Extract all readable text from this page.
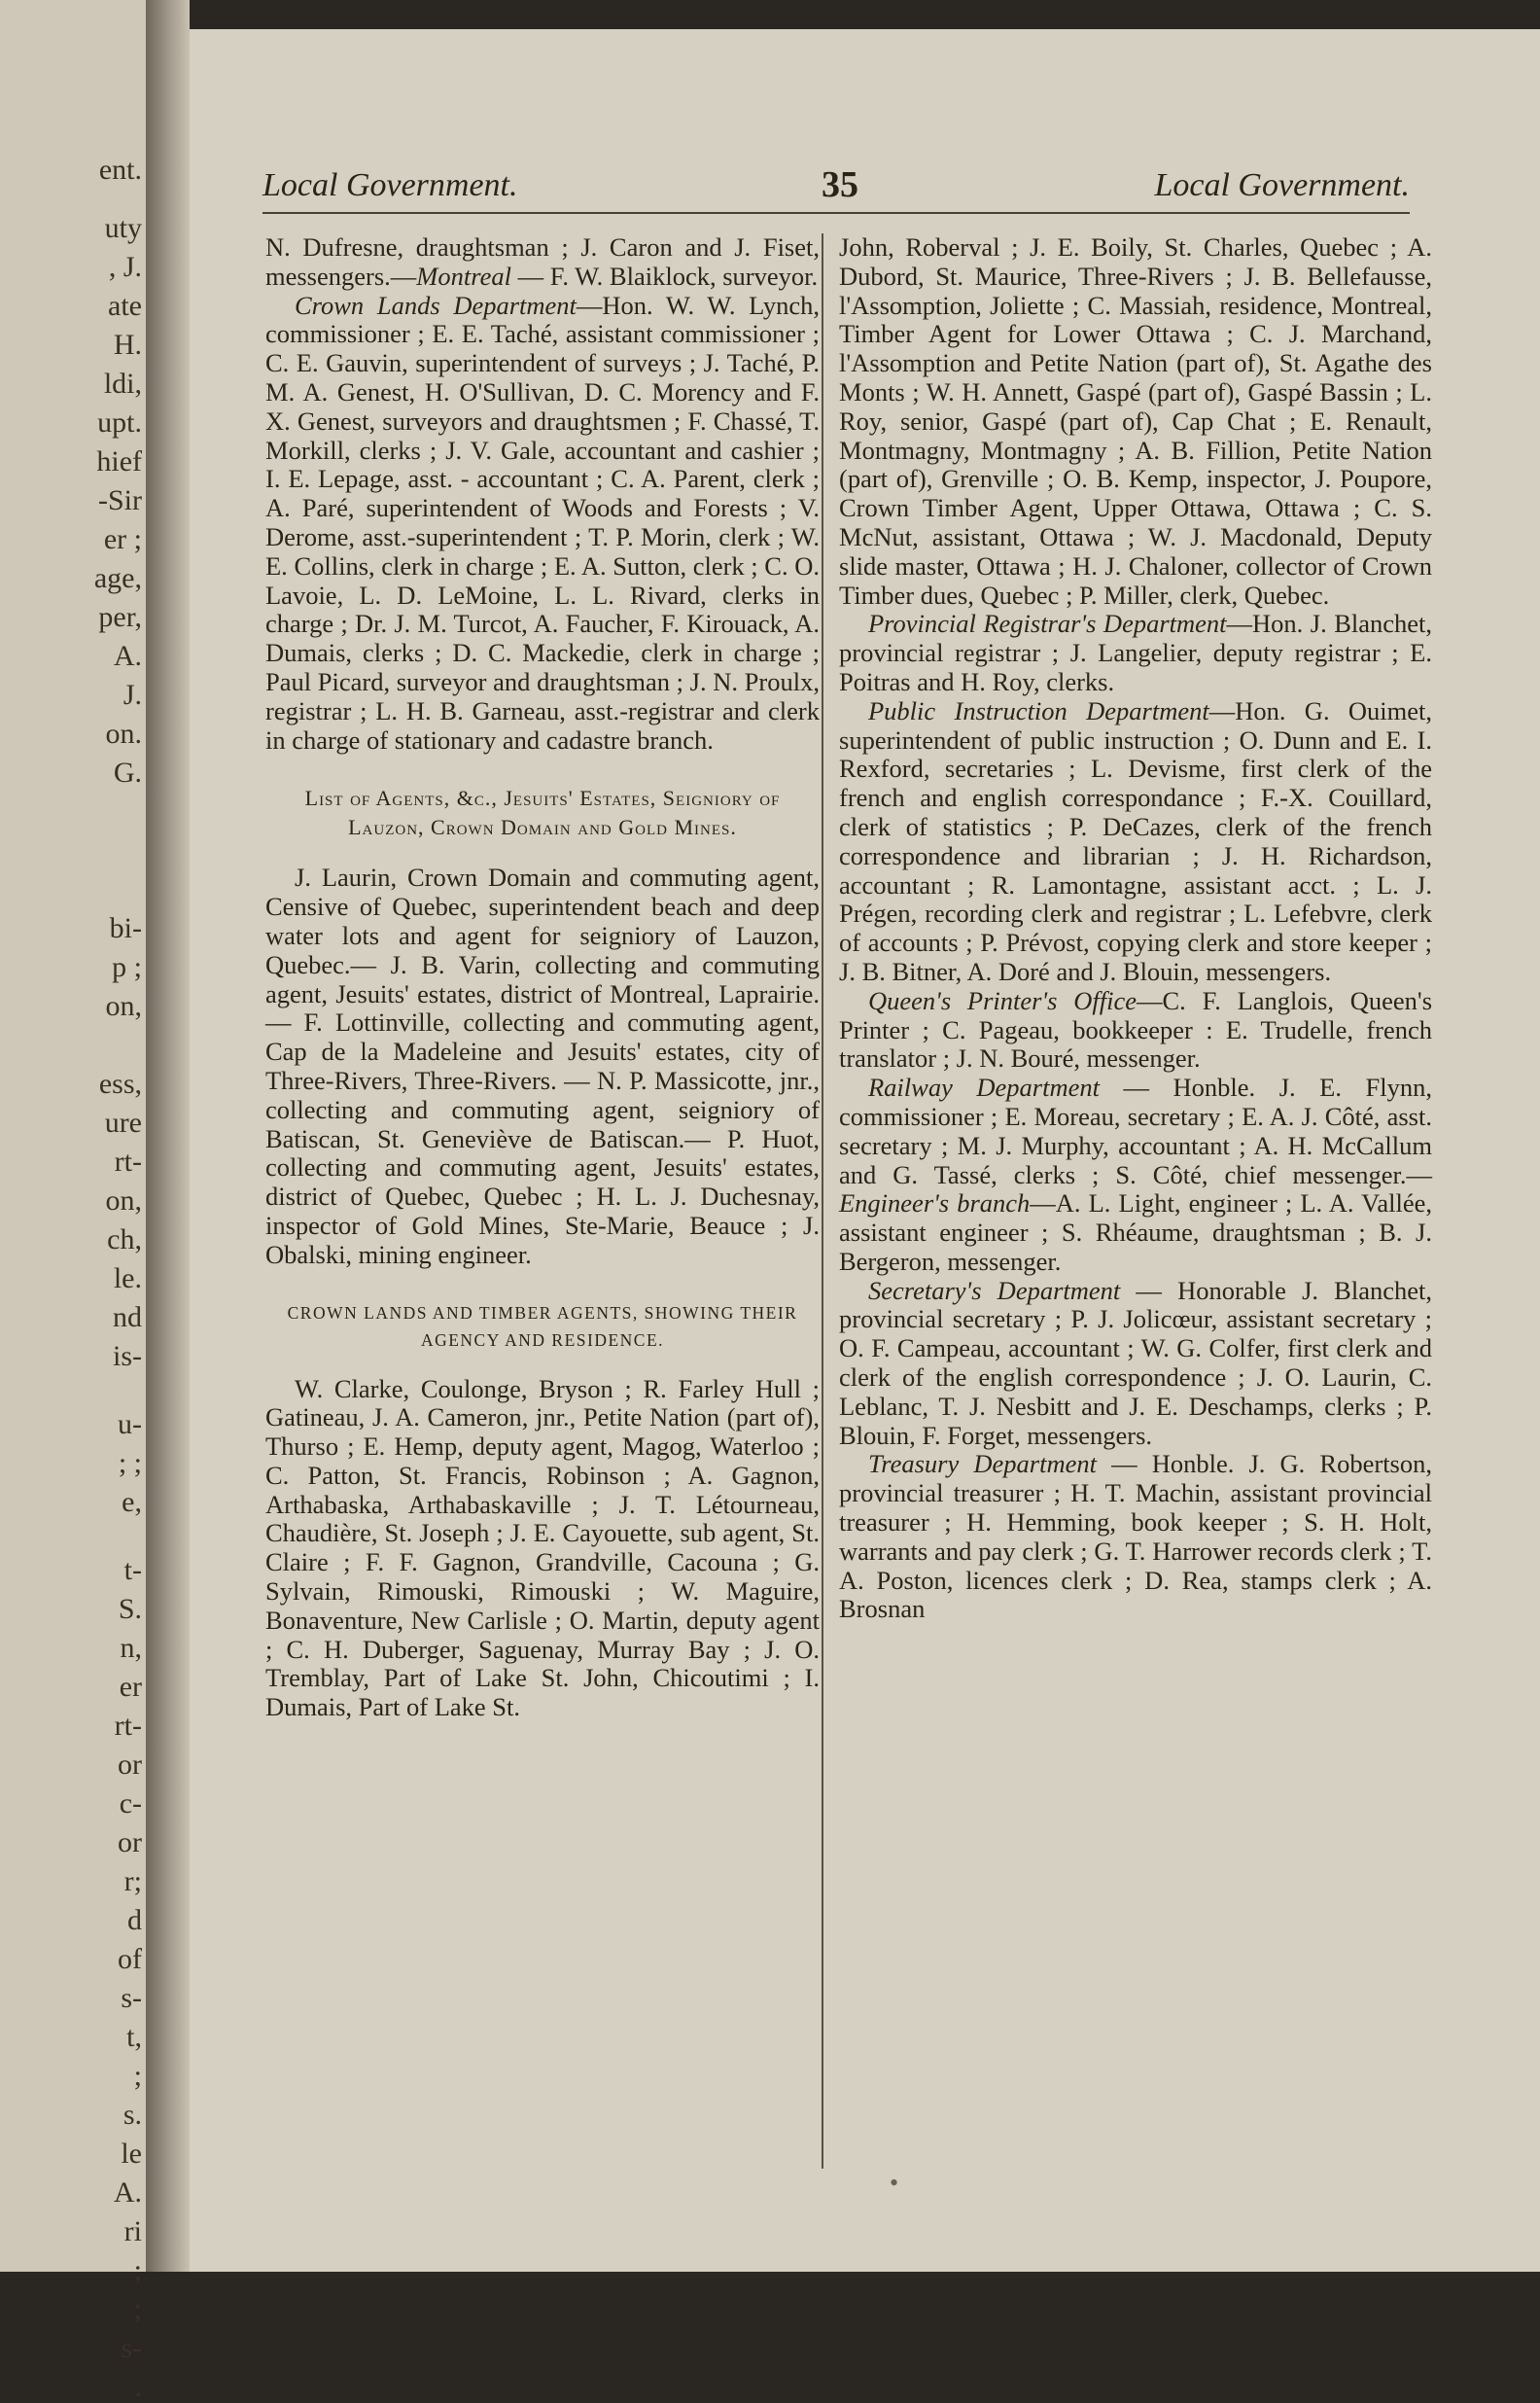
ent.
uty
, J.
ate
H.
ldi,
upt.
hief
-Sir
er ;
age,
per,
A.
J.
on.
G.
bi-
p ;
on,
ess,
ure
rt-
on,
ch,
le.
nd
is-
u-
; ;
e,
t-
S.
n,
er
rt-
or
c-
or
r;
d
of
s-
t,
;
s.
le
A.
ri
;
;
s-
.
Local Government.	35	Local Government.

N. Dufresne, draughtsman ; J. Caron and J. Fiset, messengers.—Montreal — F. W. Blaiklock, surveyor.

Crown Lands Department—Hon. W. W. Lynch, commissioner ; E. E. Taché, assistant commissioner ; C. E. Gauvin, superintendent of surveys ; J. Taché, P. M. A. Genest, H. O'Sullivan, D. C. Morency and F. X. Genest, surveyors and draughtsmen ; F. Chassé, T. Morkill, clerks ; J. V. Gale, accountant and cashier ; I. E. Lepage, asst. - accountant ; C. A. Parent, clerk ; A. Paré, superintendent of Woods and Forests ; V. Derome, asst.-superintendent ; T. P. Morin, clerk ; W. E. Collins, clerk in charge ; E. A. Sutton, clerk ; C. O. Lavoie, L. D. LeMoine, L. L. Rivard, clerks in charge ; Dr. J. M. Turcot, A. Faucher, F. Kirouack, A. Dumais, clerks ; D. C. Mackedie, clerk in charge ; Paul Picard, surveyor and draughtsman ; J. N. Proulx, registrar ; L. H. B. Garneau, asst.-registrar and clerk in charge of stationary and cadastre branch.

List of Agents, &c., Jesuits' Estates, Seigniory of Lauzon, Crown Domain and Gold Mines.

J. Laurin, Crown Domain and commuting agent, Censive of Quebec, superintendent beach and deep water lots and agent for seigniory of Lauzon, Quebec.— J. B. Varin, collecting and commuting agent, Jesuits' estates, district of Montreal, Laprairie. — F. Lottinville, collecting and commuting agent, Cap de la Madeleine and Jesuits' estates, city of Three-Rivers, Three-Rivers. — N. P. Massicotte, jnr., collecting and commuting agent, seigniory of Batiscan, St. Geneviève de Batiscan.— P. Huot, collecting and commuting agent, Jesuits' estates, district of Quebec, Quebec ; H. L. J. Duchesnay, inspector of Gold Mines, Ste-Marie, Beauce ; J. Obalski, mining engineer.

CROWN LANDS AND TIMBER AGENTS, SHOWING THEIR AGENCY AND RESIDENCE.

W. Clarke, Coulonge, Bryson ; R. Farley Hull ; Gatineau, J. A. Cameron, jnr., Petite Nation (part of), Thurso ; E. Hemp, deputy agent, Magog, Waterloo ; C. Patton, St. Francis, Robinson ; A. Gagnon, Arthabaska, Arthabaskaville ; J. T. Létourneau, Chaudière, St. Joseph ; J. E. Cayouette, sub agent, St. Claire ; F. F. Gagnon, Grandville, Cacouna ; G. Sylvain, Rimouski, Rimouski ; W. Maguire, Bonaventure, New Carlisle ; O. Martin, deputy agent ; C. H. Duberger, Saguenay, Murray Bay ; J. O. Tremblay, Part of Lake St. John, Chicoutimi ; I. Dumais, Part of Lake St.

John, Roberval ; J. E. Boily, St. Charles, Quebec ; A. Dubord, St. Maurice, Three-Rivers ; J. B. Bellefausse, l'Assomption, Joliette ; C. Massiah, residence, Montreal, Timber Agent for Lower Ottawa ; C. J. Marchand, l'Assomption and Petite Nation (part of), St. Agathe des Monts ; W. H. Annett, Gaspé (part of), Gaspé Bassin ; L. Roy, senior, Gaspé (part of), Cap Chat ; E. Renault, Montmagny, Montmagny ; A. B. Fillion, Petite Nation (part of), Grenville ; O. B. Kemp, inspector, J. Poupore, Crown Timber Agent, Upper Ottawa, Ottawa ; C. S. McNut, assistant, Ottawa ; W. J. Macdonald, Deputy slide master, Ottawa ; H. J. Chaloner, collector of Crown Timber dues, Quebec ; P. Miller, clerk, Quebec.

Provincial Registrar's Department—Hon. J. Blanchet, provincial registrar ; J. Langelier, deputy registrar ; E. Poitras and H. Roy, clerks.

Public Instruction Department—Hon. G. Ouimet, superintendent of public instruction ; O. Dunn and E. I. Rexford, secretaries ; L. Devisme, first clerk of the french and english correspondance ; F.-X. Couillard, clerk of statistics ; P. DeCazes, clerk of the french correspondence and librarian ; J. H. Richardson, accountant ; R. Lamontagne, assistant acct. ; L. J. Prégen, recording clerk and registrar ; L. Lefebvre, clerk of accounts ; P. Prévost, copying clerk and store keeper ; J. B. Bitner, A. Doré and J. Blouin, messengers.

Queen's Printer's Office—C. F. Langlois, Queen's Printer ; C. Pageau, bookkeeper : E. Trudelle, french translator ; J. N. Bouré, messenger.

Railway Department — Honble. J. E. Flynn, commissioner ; E. Moreau, secretary ; E. A. J. Côté, asst. secretary ; M. J. Murphy, accountant ; A. H. McCallum and G. Tassé, clerks ; S. Côté, chief messenger.—Engineer's branch—A. L. Light, engineer ; L. A. Vallée, assistant engineer ; S. Rhéaume, draughtsman ; B. J. Bergeron, messenger.

Secretary's Department — Honorable J. Blanchet, provincial secretary ; P. J. Jolicœur, assistant secretary ; O. F. Campeau, accountant ; W. G. Colfer, first clerk and clerk of the english correspondence ; J. O. Laurin, C. Leblanc, T. J. Nesbitt and J. E. Deschamps, clerks ; P. Blouin, F. Forget, messengers.

Treasury Department — Honble. J. G. Robertson, provincial treasurer ; H. T. Machin, assistant provincial treasurer ; H. Hemming, book keeper ; S. H. Holt, warrants and pay clerk ; G. T. Harrower records clerk ; T. A. Poston, licences clerk ; D. Rea, stamps clerk ; A. Brosnan

•
